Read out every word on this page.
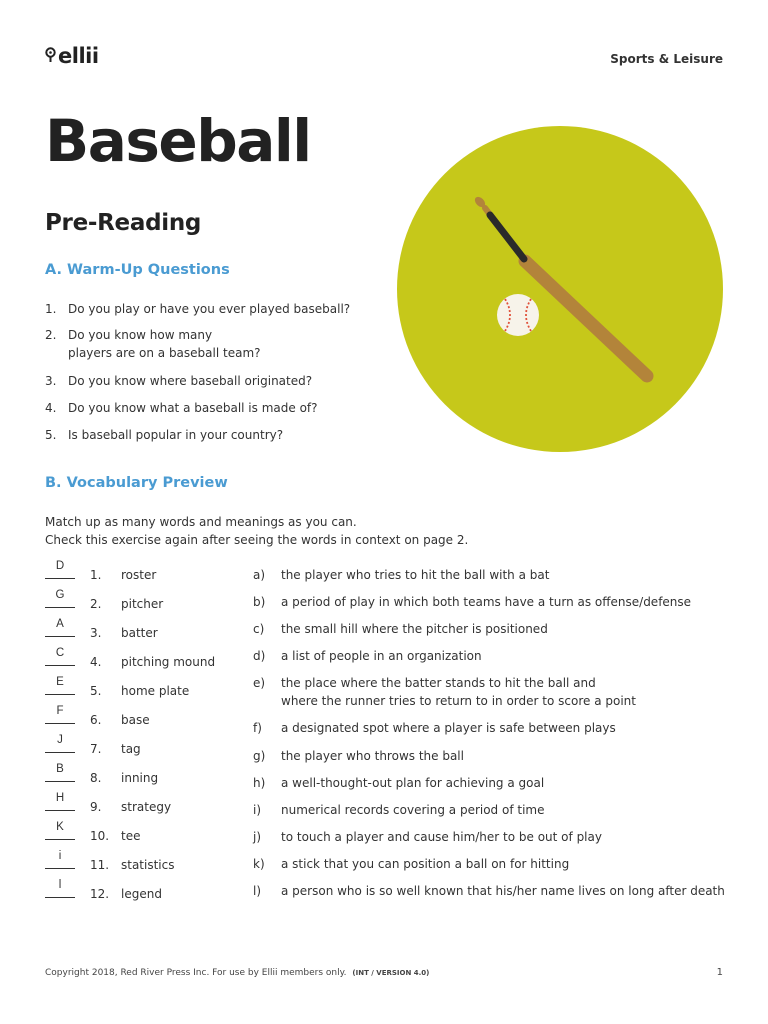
ellii	Sports & Leisure
Baseball
Pre-Reading
A. Warm-Up Questions
1. Do you play or have you ever played baseball?
2. Do you know how many
players are on a baseball team?
3. Do you know where baseball originated?
4. Do you know what a baseball is made of?
5. Is baseball popular in your country?
B. Vocabulary Preview
Match up as many words and meanings as you can.
Check this exercise again after seeing the words in context on page 2.
D
1. roster
G
2. pitcher
A
3. batter
C
4. pitching mound
E
5. home plate
F
6. base
J
7. tag
B
8. inning
H
9. strategy
K
10. tee
i
11. statistics
l
12. legend
a) the player who tries to hit the ball with a bat
b) a period of play in which both teams have a turn as offense/defense
c) the small hill where the pitcher is positioned
d) a list of people in an organization
e) the place where the batter stands to hit the ball and
where the runner tries to return to in order to score a point
f) a designated spot where a player is safe between plays
g) the player who throws the ball
h) a well-thought-out plan for achieving a goal
i) numerical records covering a period of time
j) to touch a player and cause him/her to be out of play
k) a stick that you can position a ball on for hitting
l) a person who is so well known that his/her name lives on long after death
Copyright 2018, Red River Press Inc. For use by Ellii members only. (INT / VERSION 4.0)	1
